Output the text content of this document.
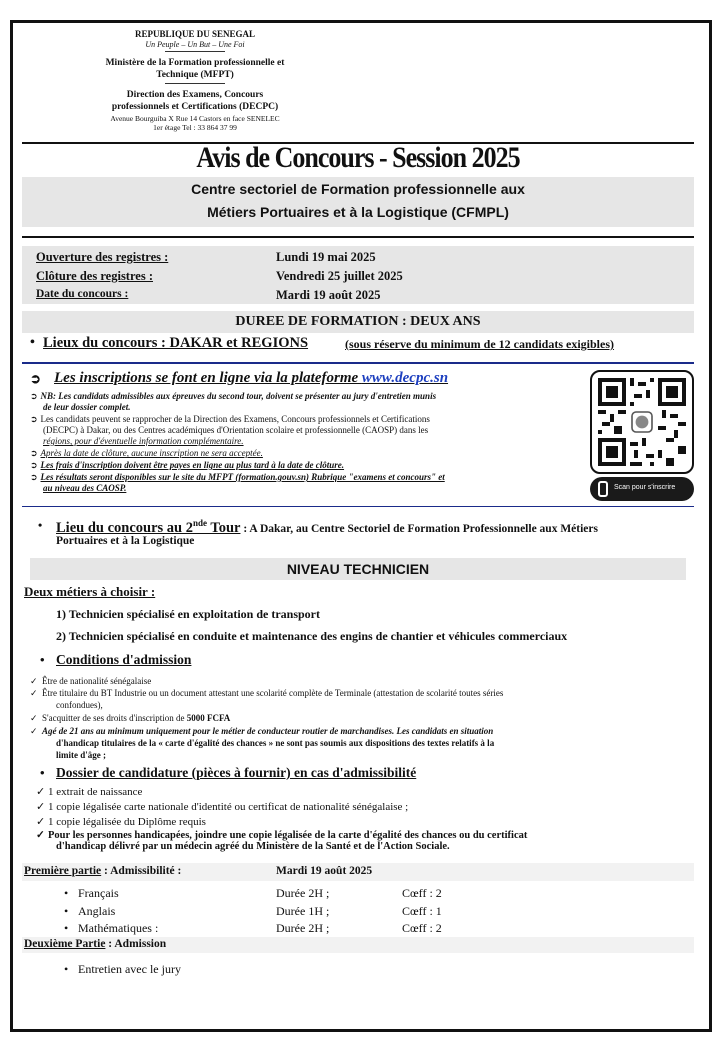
REPUBLIQUE DU SENEGAL
Un Peuple – Un But – Une Foi
Ministère de la Formation professionnelle et
Technique (MFPT)
Direction des Examens, Concours
professionnels et Certifications (DECPC)
Avenue Bourguiba X Rue 14 Castors en face SENELEC
1er étage Tel : 33 864 37 99
Avis de Concours - Session 2025
Centre sectoriel de Formation professionnelle aux
Métiers Portuaires et à la Logistique (CFMPL)
Ouverture des registres :	Lundi 19 mai 2025
Clôture des registres :	Vendredi 25 juillet 2025
Date du concours :	Mardi 19 août 2025
DUREE DE FORMATION : DEUX ANS
• Lieux du concours : DAKAR et REGIONS	(sous réserve du minimum de 12 candidats exigibles)
➲ Les inscriptions se font en ligne via la plateforme www.decpc.sn
➲ NB: Les candidats admissibles aux épreuves du second tour, doivent se présenter au jury d'entretien munis
de leur dossier complet.
➲ Les candidats peuvent se rapprocher de la Direction des Examens, Concours professionnels et Certifications
(DECPC) à Dakar, ou des Centres académiques d'Orientation scolaire et professionnelle (CAOSP) dans les
régions, pour d'éventuelle information complémentaire.
➲ Après la date de clôture, aucune inscription ne sera acceptée.
➲ Les frais d'inscription doivent être payes en ligne au plus tard à la date de clôture.
➲ Les résultats seront disponibles sur le site du MFPT (formation.gouv.sn) Rubrique "examens et concours" et
au niveau des CAOSP.	Scan pour s'inscrire
• Lieu du concours au 2nde Tour : A Dakar, au Centre Sectoriel de Formation Professionnelle aux Métiers
Portuaires et à la Logistique
NIVEAU TECHNICIEN
Deux métiers à choisir :
1) Technicien spécialisé en exploitation de transport
2) Technicien spécialisé en conduite et maintenance des engins de chantier et véhicules commerciaux
• Conditions d'admission
✓ Être de nationalité sénégalaise
✓ Être titulaire du BT Industrie ou un document attestant une scolarité complète de Terminale (attestation de scolarité toutes séries
confondues),
✓ S'acquitter de ses droits d'inscription de 5000 FCFA
✓ Agé de 21 ans au minimum uniquement pour le métier de conducteur routier de marchandises. Les candidats en situation
d'handicap titulaires de la « carte d'égalité des chances » ne sont pas soumis aux dispositions des textes relatifs à la
limite d'âge ;
• Dossier de candidature (pièces à fournir) en cas d'admissibilité
✓ 1 extrait de naissance
✓ 1 copie légalisée carte nationale d'identité ou certificat de nationalité sénégalaise ;
✓ 1 copie légalisée du Diplôme requis
✓ Pour les personnes handicapées, joindre une copie légalisée de la carte d'égalité des chances ou du certificat
d'handicap délivré par un médecin agréé du Ministère de la Santé et de l'Action Sociale.
Première partie : Admissibilité :	Mardi 19 août 2025
• Français	Durée 2H ;	Cœff : 2
• Anglais	Durée 1H ;	Cœff : 1
• Mathématiques :	Durée 2H ;	Cœff : 2
Deuxième Partie : Admission
• Entretien avec le jury
